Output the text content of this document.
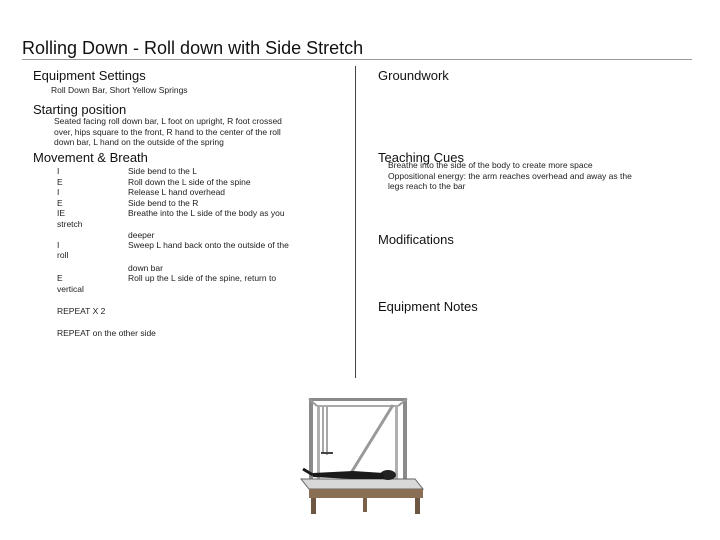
Rolling Down - Roll down with Side Stretch
Equipment Settings
Roll Down Bar, Short Yellow Springs
Starting position
Seated facing roll down bar, L foot on upright, R foot crossed
over, hips square to the front, R hand to the center of the roll
down bar, L hand on the outside of the spring
Movement & Breath
I
E
I
E
IE
stretch
I
roll
E
vertical
Side bend to the L
Roll down the L side of the spine
Release L hand overhead
Side bend to the R
Breathe into the L side of the body as you
deeper
Sweep L hand back onto the outside of the
down bar
Roll up the L side of the spine, return to
REPEAT X 2
REPEAT on the other side
Groundwork
Teaching Cues
Breathe into the side of the body to create more space
Oppositional energy: the arm reaches overhead and away as the
legs reach to the bar
Modifications
Equipment Notes
